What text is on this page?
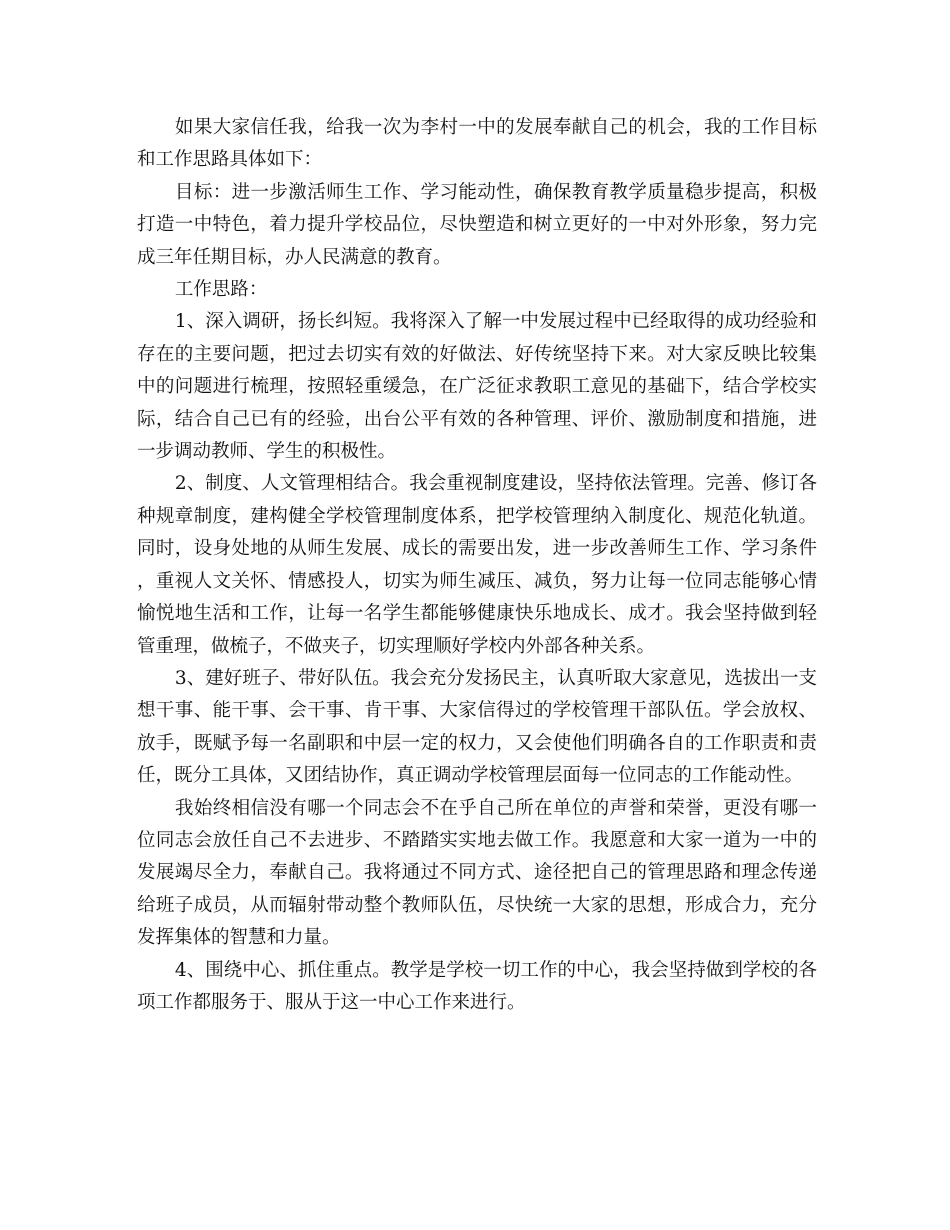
如果大家信任我，给我一次为李村一中的发展奉献自己的机会，我的工作目标和工作思路具体如下：

目标：进一步激活师生工作、学习能动性，确保教育教学质量稳步提高，积极打造一中特色，着力提升学校品位，尽快塑造和树立更好的一中对外形象，努力完成三年任期目标，办人民满意的教育。

工作思路：

1、深入调研，扬长纠短。我将深入了解一中发展过程中已经取得的成功经验和存在的主要问题，把过去切实有效的好做法、好传统坚持下来。对大家反映比较集中的问题进行梳理，按照轻重缓急，在广泛征求教职工意见的基础下，结合学校实际，结合自己已有的经验，出台公平有效的各种管理、评价、激励制度和措施，进一步调动教师、学生的积极性。

2、制度、人文管理相结合。我会重视制度建设，坚持依法管理。完善、修订各种规章制度，建构健全学校管理制度体系，把学校管理纳入制度化、规范化轨道。同时，设身处地的从师生发展、成长的需要出发，进一步改善师生工作、学习条件，重视人文关怀、情感投人，切实为师生减压、减负，努力让每一位同志能够心情愉悦地生活和工作，让每一名学生都能够健康快乐地成长、成才。我会坚持做到轻管重理，做梳子，不做夹子，切实理顺好学校内外部各种关系。

3、建好班子、带好队伍。我会充分发扬民主，认真听取大家意见，选拔出一支想干事、能干事、会干事、肯干事、大家信得过的学校管理干部队伍。学会放权、放手，既赋予每一名副职和中层一定的权力，又会使他们明确各自的工作职责和责任，既分工具体，又团结协作，真正调动学校管理层面每一位同志的工作能动性。

我始终相信没有哪一个同志会不在乎自己所在单位的声誉和荣誉，更没有哪一位同志会放任自己不去进步、不踏踏实实地去做工作。我愿意和大家一道为一中的发展竭尽全力，奉献自己。我将通过不同方式、途径把自己的管理思路和理念传递给班子成员，从而辐射带动整个教师队伍，尽快统一大家的思想，形成合力，充分发挥集体的智慧和力量。

4、围绕中心、抓住重点。教学是学校一切工作的中心，我会坚持做到学校的各项工作都服务于、服从于这一中心工作来进行。
